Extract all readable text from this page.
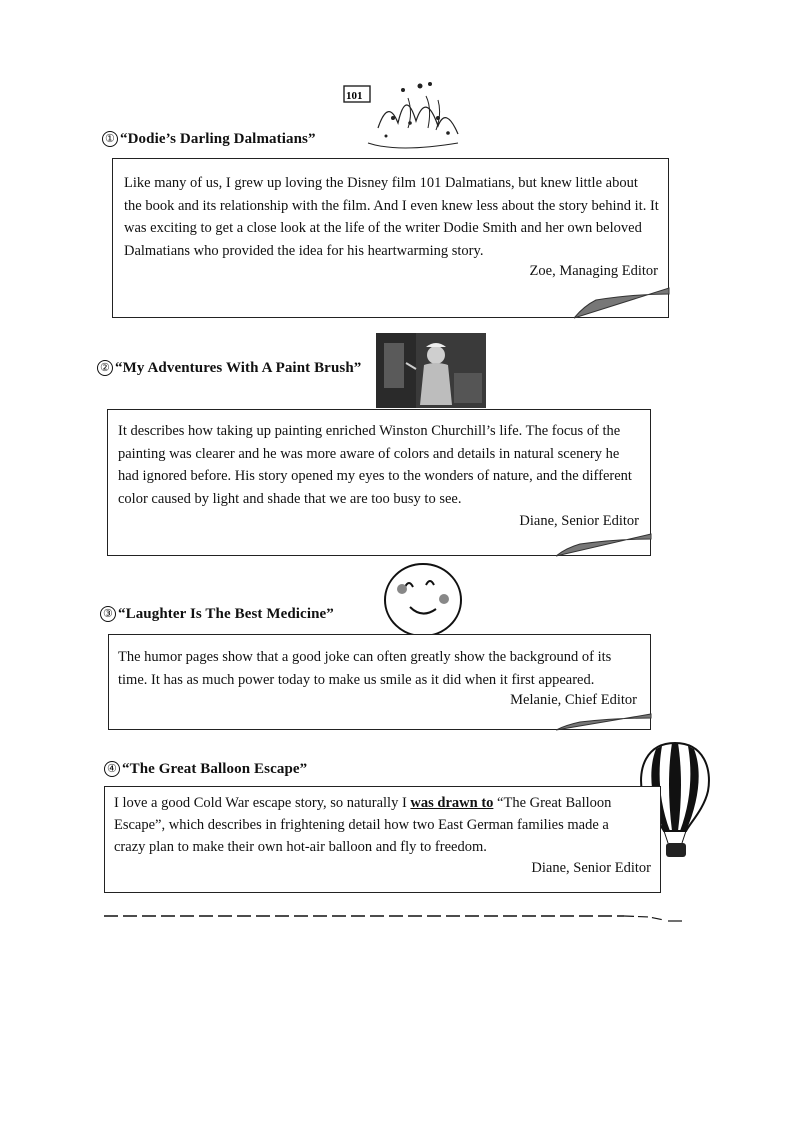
① “Dodie’s Darling Dalmatians”
101
Like many of us, I grew up loving the Disney film 101 Dalmatians, but knew little about the book and its relationship with the film. And I even knew less about the story behind it. It was exciting to get a close look at the life of the writer Dodie Smith and her own beloved Dalmatians who provided the idea for his heartwarming story.
Zoe, Managing Editor
② “My Adventures With A Paint Brush”
It describes how taking up painting enriched Winston Churchill’s life. The focus of the painting was clearer and he was more aware of colors and details in natural scenery he had ignored before. His story opened my eyes to the wonders of nature, and the different color caused by light and shade that we are too busy to see.
Diane, Senior Editor
③ “Laughter Is The Best Medicine”
The humor pages show that a good joke can often greatly show the background of its time. It has as much power today to make us smile as it did when it first appeared.
Melanie, Chief Editor
④ “The Great Balloon Escape”
I love a good Cold War escape story, so naturally I was drawn to “The Great Balloon Escape”, which describes in frightening detail how two East German families made a crazy plan to make their own hot-air balloon and fly to freedom.
Diane, Senior Editor
